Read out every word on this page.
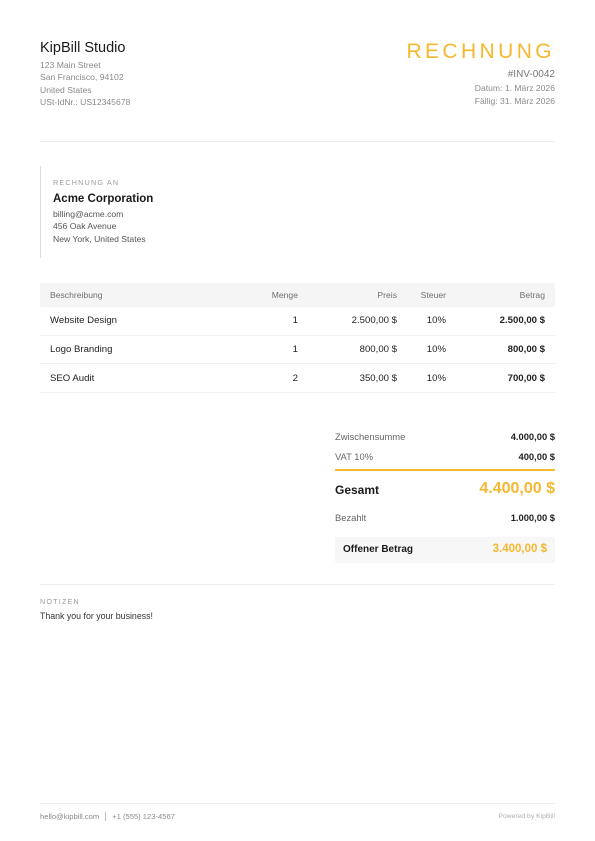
KipBill Studio
123 Main Street
San Francisco, 94102
United States
USt-IdNr.: US12345678
RECHNUNG
#INV-0042
Datum: 1. März 2026
Fällig: 31. März 2026
RECHNUNG AN
Acme Corporation
billing@acme.com
456 Oak Avenue
New York, United States
Beschreibung	Menge	Preis	Steuer	Betrag
Website Design	1	2.500,00 $	10%	2.500,00 $
Logo Branding	1	800,00 $	10%	800,00 $
SEO Audit	2	350,00 $	10%	700,00 $
Zwischensumme	4.000,00 $
VAT 10%	400,00 $
Gesamt	4.400,00 $
Bezahlt	1.000,00 $
Offener Betrag	3.400,00 $
NOTIZEN
Thank you for your business!
hello@kipbill.com +1 (555) 123-4567	Powered by KipBill
